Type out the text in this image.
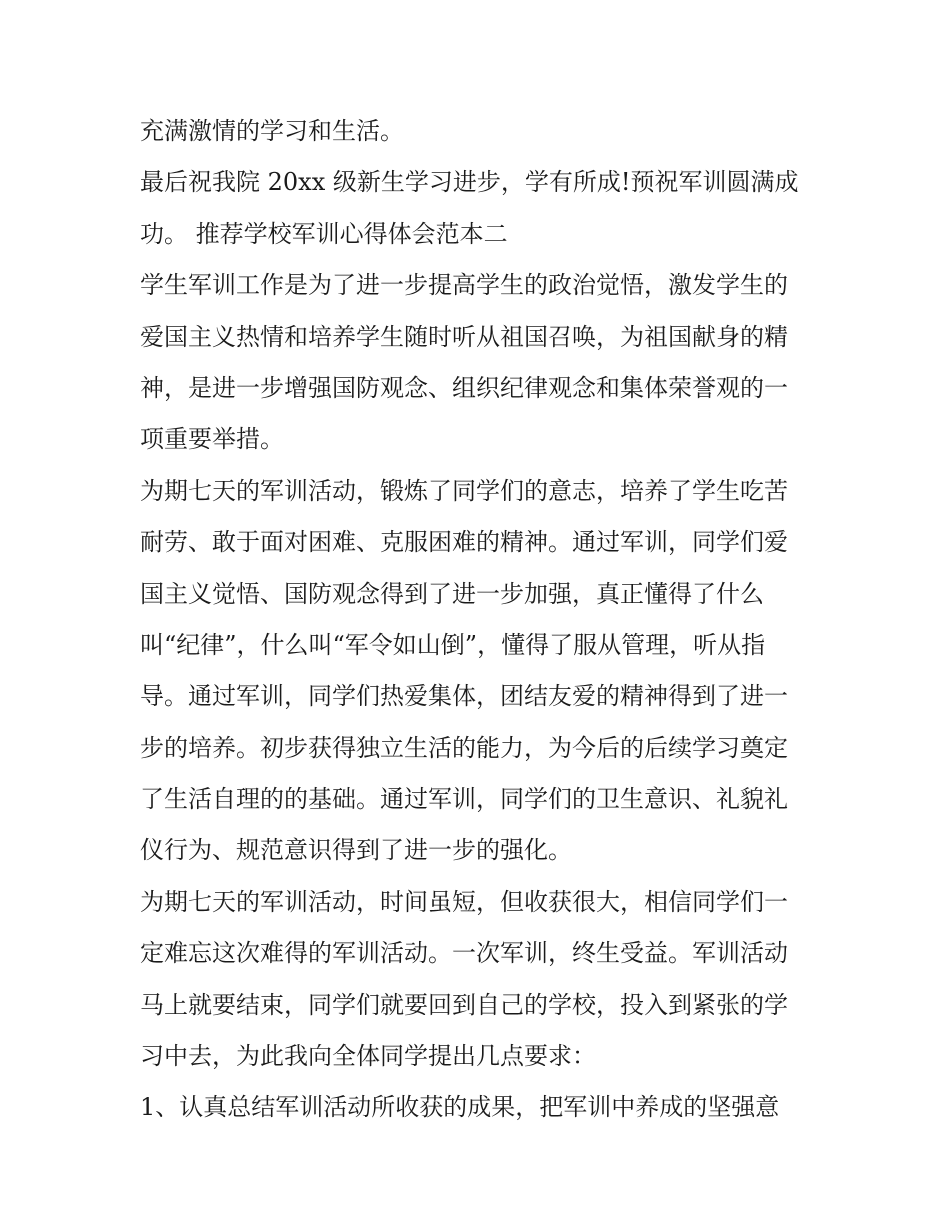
充满激情的学习和生活。
最后祝我院 20xx 级新生学习进步，学有所成!预祝军训圆满成
功。 推荐学校军训心得体会范本二
学生军训工作是为了进一步提高学生的政治觉悟，激发学生的
爱国主义热情和培养学生随时听从祖国召唤，为祖国献身的精
神，是进一步增强国防观念、组织纪律观念和集体荣誉观的一
项重要举措。
为期七天的军训活动，锻炼了同学们的意志，培养了学生吃苦
耐劳、敢于面对困难、克服困难的精神。通过军训，同学们爱
国主义觉悟、国防观念得到了进一步加强，真正懂得了什么
叫“纪律”，什么叫“军令如山倒”，懂得了服从管理，听从指
导。通过军训，同学们热爱集体，团结友爱的精神得到了进一
步的培养。初步获得独立生活的能力，为今后的后续学习奠定
了生活自理的的基础。通过军训，同学们的卫生意识、礼貌礼
仪行为、规范意识得到了进一步的强化。
为期七天的军训活动，时间虽短，但收获很大，相信同学们一
定难忘这次难得的军训活动。一次军训，终生受益。军训活动
马上就要结束，同学们就要回到自己的学校，投入到紧张的学
习中去，为此我向全体同学提出几点要求：
1、认真总结军训活动所收获的成果，把军训中养成的坚强意
